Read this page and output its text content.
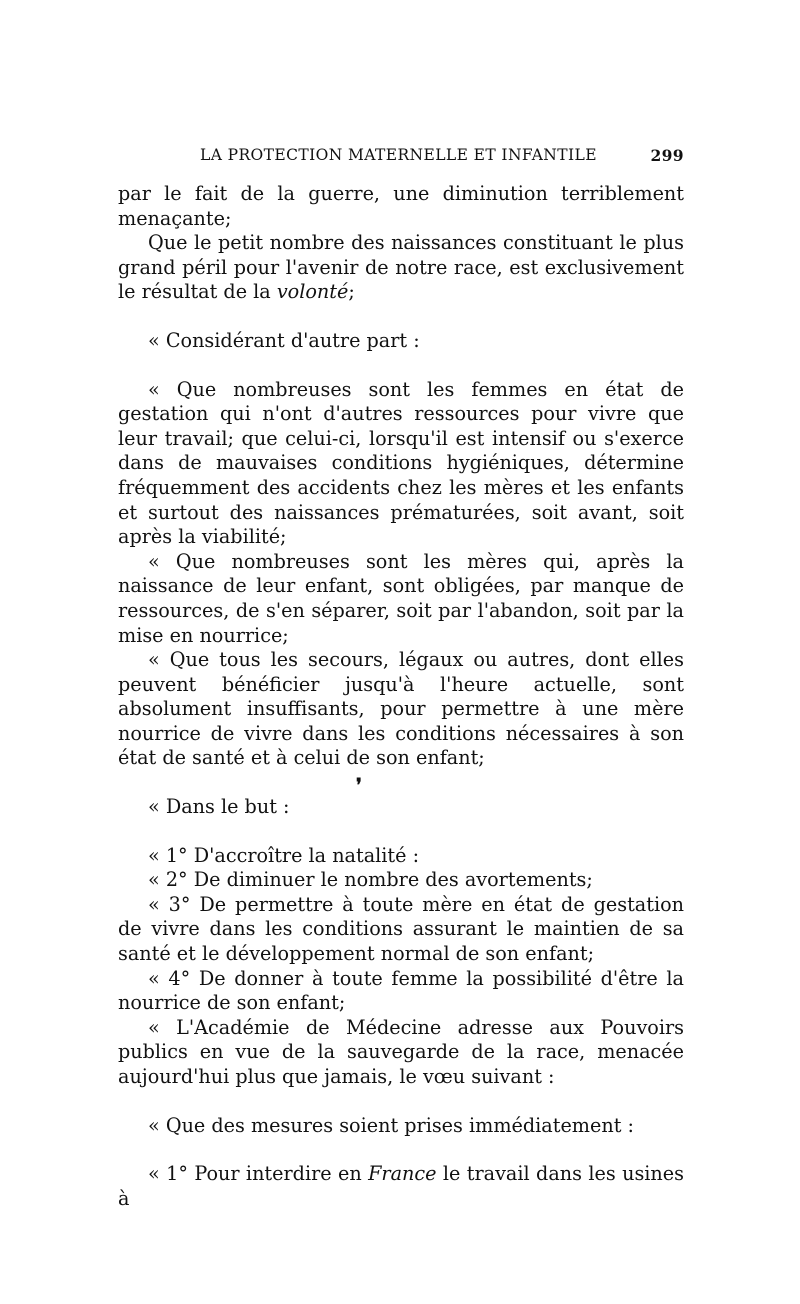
LA PROTECTION MATERNELLE ET INFANTILE	299

par le fait de la guerre, une diminution terriblement menaçante;

Que le petit nombre des naissances constituant le plus grand péril pour l'avenir de notre race, est exclusivement le résultat de la volonté;

« Considérant d'autre part :

« Que nombreuses sont les femmes en état de gestation qui n'ont d'autres ressources pour vivre que leur travail; que celui-ci, lorsqu'il est intensif ou s'exerce dans de mauvaises conditions hygiéniques, détermine fréquemment des accidents chez les mères et les enfants et surtout des naissances prématurées, soit avant, soit après la viabilité;

« Que nombreuses sont les mères qui, après la naissance de leur enfant, sont obligées, par manque de ressources, de s'en séparer, soit par l'abandon, soit par la mise en nourrice;

« Que tous les secours, légaux ou autres, dont elles peuvent bénéficier jusqu'à l'heure actuelle, sont absolument insuffisants, pour permettre à une mère nourrice de vivre dans les conditions nécessaires à son état de santé et à celui de son enfant;

❜

« Dans le but :

« 1° D'accroître la natalité :

« 2° De diminuer le nombre des avortements;

« 3° De permettre à toute mère en état de gestation de vivre dans les conditions assurant le maintien de sa santé et le développement normal de son enfant;

« 4° De donner à toute femme la possibilité d'être la nourrice de son enfant;

« L'Académie de Médecine adresse aux Pouvoirs publics en vue de la sauvegarde de la race, menacée aujourd'hui plus que jamais, le vœu suivant :

« Que des mesures soient prises immédiatement :

« 1° Pour interdire en France le travail dans les usines à
